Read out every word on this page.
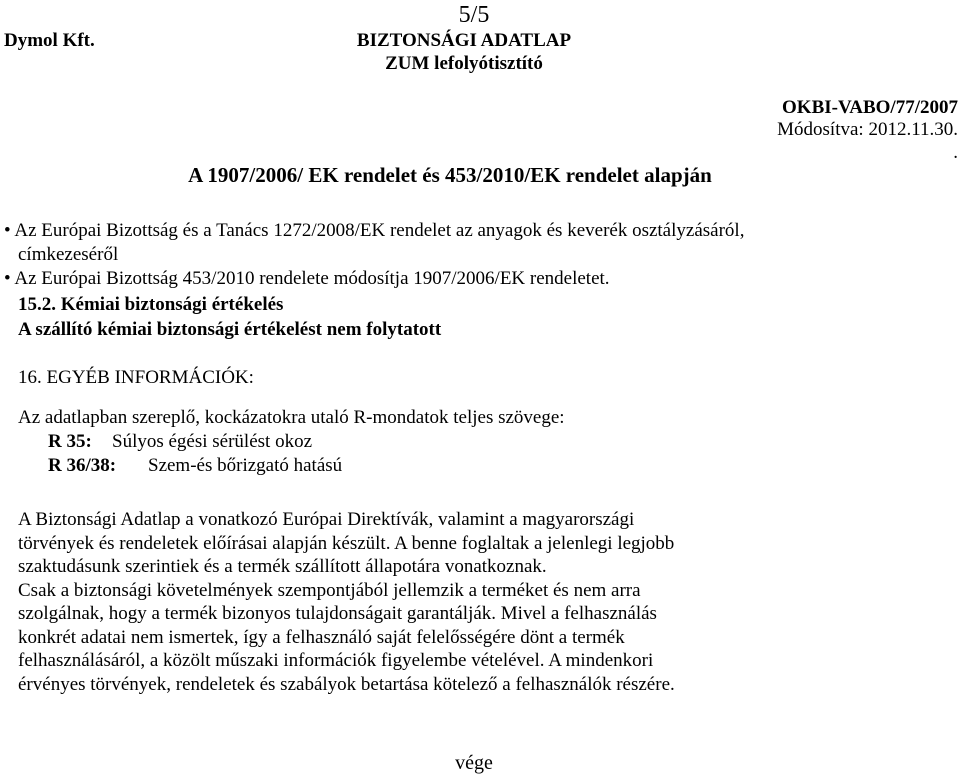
5/5
Dymol Kft.	BIZTONSÁGI ADATLAP
ZUM lefolyótisztító
OKBI-VABO/77/2007
Módosítva: 2012.11.30.
.
A 1907/2006/ EK rendelet és 453/2010/EK rendelet alapján
• Az Európai Bizottság és a Tanács 1272/2008/EK rendelet az anyagok és keverék osztályzásáról,
címkezeséről
• Az Európai Bizottság 453/2010 rendelete módosítja 1907/2006/EK rendeletet.
15.2. Kémiai biztonsági értékelés
A szállító kémiai biztonsági értékelést nem folytatott
16. EGYÉB INFORMÁCIÓK:
Az adatlapban szereplő, kockázatokra utaló R-mondatok teljes szövege:
R 35: Súlyos égési sérülést okoz
R 36/38: Szem-és bőrizgató hatású
A Biztonsági Adatlap a vonatkozó Európai Direktívák, valamint a magyarországi
törvények és rendeletek előírásai alapján készült. A benne foglaltak a jelenlegi legjobb
szaktudásunk szerintiek és a termék szállított állapotára vonatkoznak.
Csak a biztonsági követelmények szempontjából jellemzik a terméket és nem arra
szolgálnak, hogy a termék bizonyos tulajdonságait garantálják. Mivel a felhasználás
konkrét adatai nem ismertek, így a felhasználó saját felelősségére dönt a termék
felhasználásáról, a közölt műszaki információk figyelembe vételével. A mindenkori
érvényes törvények, rendeletek és szabályok betartása kötelező a felhasználók részére.
vége
